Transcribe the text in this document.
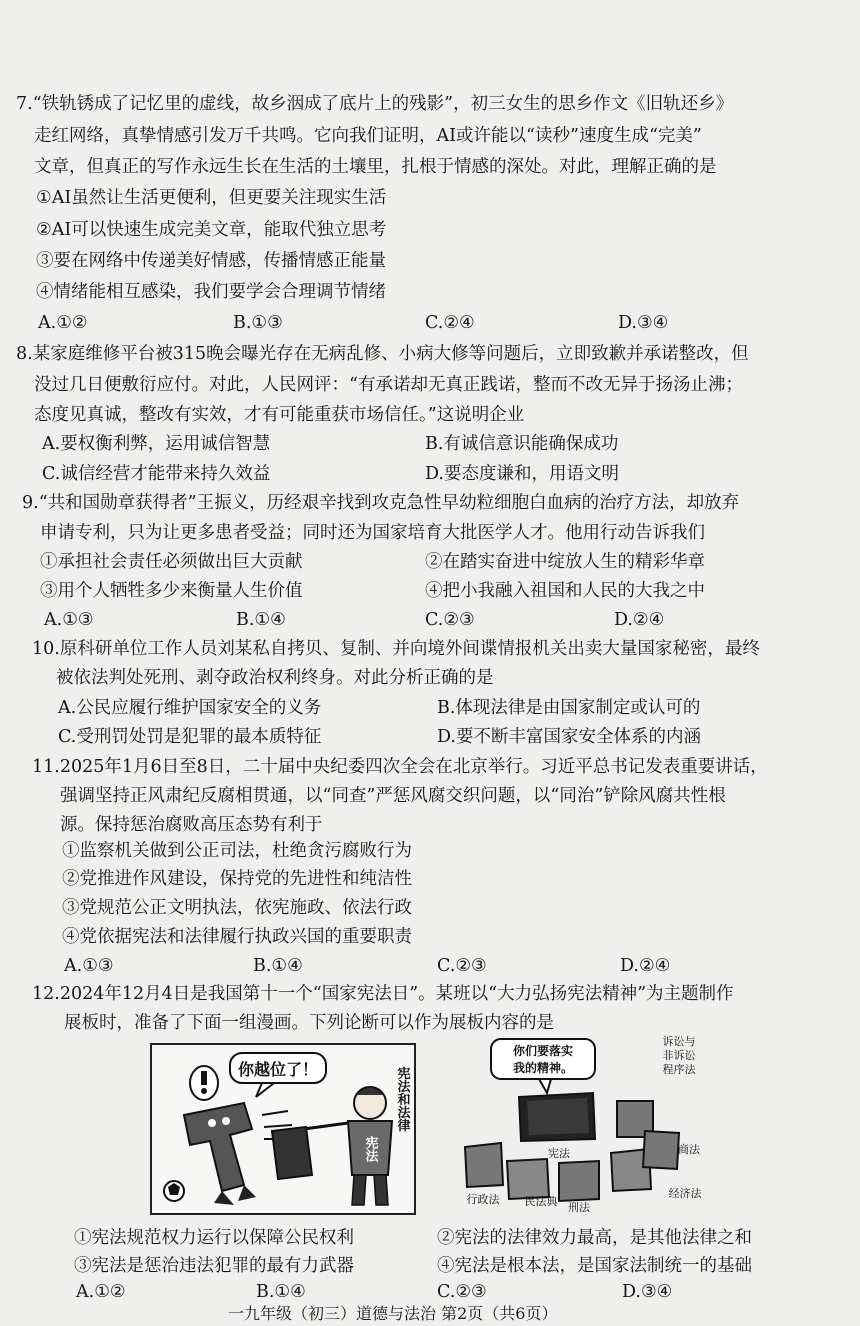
7.“铁轨锈成了记忆里的虚线，故乡洇成了底片上的残影”，初三女生的思乡作文《旧轨还乡》
走红网络，真挚情感引发万千共鸣。它向我们证明，AI或许能以“读秒”速度生成“完美”
文章，但真正的写作永远生长在生活的土壤里，扎根于情感的深处。对此，理解正确的是
①AI虽然让生活更便利，但更要关注现实生活
②AI可以快速生成完美文章，能取代独立思考
③要在网络中传递美好情感，传播情感正能量
④情绪能相互感染，我们要学会合理调节情绪
A.①②	B.①③	C.②④	D.③④
8.某家庭维修平台被315晚会曝光存在无病乱修、小病大修等问题后，立即致歉并承诺整改，但
没过几日便敷衍应付。对此，人民网评：“有承诺却无真正践诺，整而不改无异于扬汤止沸；
态度见真诚，整改有实效，才有可能重获市场信任。”这说明企业
A.要权衡利弊，运用诚信智慧	B.有诚信意识能确保成功
C.诚信经营才能带来持久效益	D.要态度谦和，用语文明
9.“共和国勋章获得者”王振义，历经艰辛找到攻克急性早幼粒细胞白血病的治疗方法，却放弃
申请专利，只为让更多患者受益；同时还为国家培育大批医学人才。他用行动告诉我们
①承担社会责任必须做出巨大贡献	②在踏实奋进中绽放人生的精彩华章
③用个人牺牲多少来衡量人生价值	④把小我融入祖国和人民的大我之中
A.①③	B.①④	C.②③	D.②④
10.原科研单位工作人员刘某私自拷贝、复制、并向境外间谍情报机关出卖大量国家秘密，最终
被依法判处死刑、剥夺政治权利终身。对此分析正确的是
A.公民应履行维护国家安全的义务	B.体现法律是由国家制定或认可的
C.受刑罚处罚是犯罪的最本质特征	D.要不断丰富国家安全体系的内涵
11.2025年1月6日至8日，二十届中央纪委四次全会在北京举行。习近平总书记发表重要讲话，
强调坚持正风肃纪反腐相贯通，以“同查”严惩风腐交织问题，以“同治”铲除风腐共性根
源。保持惩治腐败高压态势有利于
①监察机关做到公正司法，杜绝贪污腐败行为
②党推进作风建设，保持党的先进性和纯洁性
③党规范公正文明执法，依宪施政、依法行政
④党依据宪法和法律履行执政兴国的重要职责
A.①③	B.①④	C.②③	D.②④
12.2024年12月4日是我国第十一个“国家宪法日”。某班以“大力弘扬宪法精神”为主题制作
展板时，准备了下面一组漫画。下列论断可以作为展板内容的是
你越位了！
宪法
宪法和法律
你们要落实
我的精神。
宪法
诉讼与
非诉讼
程序法
商法
经济法
刑法
民法典
行政法
①宪法规范权力运行以保障公民权利	②宪法的法律效力最高，是其他法律之和
③宪法是惩治违法犯罪的最有力武器	④宪法是根本法，是国家法制统一的基础
A.①②	B.①④	C.②③	D.③④
一九年级（初三）道德与法治 第2页（共6页）
